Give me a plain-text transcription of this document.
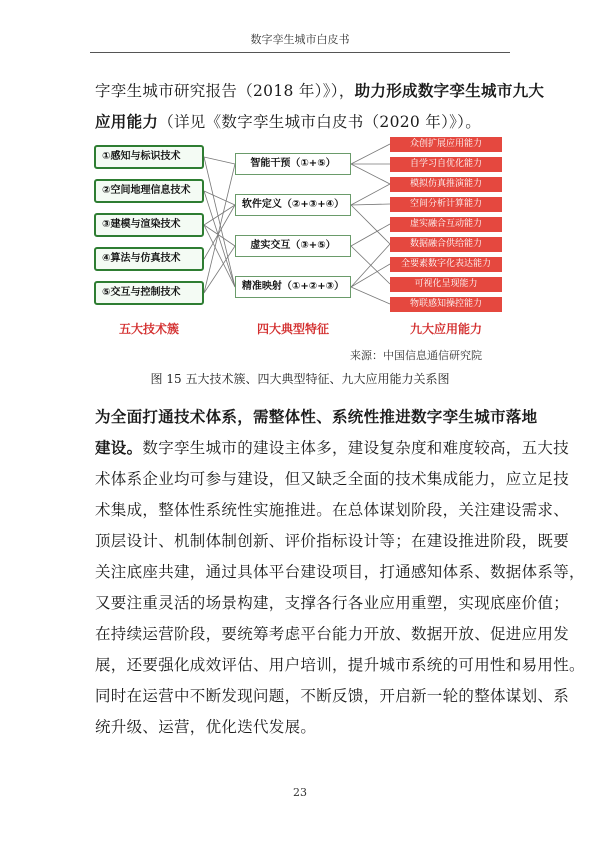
数字孪生城市白皮书
字孪生城市研究报告（2018 年）》），助力形成数字孪生城市九大
应用能力（详见《数字孪生城市白皮书（2020 年）》）。
①感知与标识技术
②空间地理信息技术
③建模与渲染技术
④算法与仿真技术
⑤交互与控制技术
智能干预（①+⑤）
软件定义（②+③+④）
虚实交互（③+⑤）
精准映射（①+②+③）
众创扩展应用能力
自学习自优化能力
模拟仿真推演能力
空间分析计算能力
虚实融合互动能力
数据融合供给能力
全要素数字化表达能力
可视化呈现能力
物联感知操控能力
五大技术簇	四大典型特征	九大应用能力
来源：中国信息通信研究院
图 15 五大技术簇、四大典型特征、九大应用能力关系图
为全面打通技术体系，需整体性、系统性推进数字孪生城市落地
建设。数字孪生城市的建设主体多，建设复杂度和难度较高，五大技
术体系企业均可参与建设，但又缺乏全面的技术集成能力，应立足技
术集成，整体性系统性实施推进。在总体谋划阶段，关注建设需求、
顶层设计、机制体制创新、评价指标设计等；在建设推进阶段，既要
关注底座共建，通过具体平台建设项目，打通感知体系、数据体系等，
又要注重灵活的场景构建，支撑各行各业应用重塑，实现底座价值；
在持续运营阶段，要统筹考虑平台能力开放、数据开放、促进应用发
展，还要强化成效评估、用户培训，提升城市系统的可用性和易用性。
同时在运营中不断发现问题，不断反馈，开启新一轮的整体谋划、系
统升级、运营，优化迭代发展。
23
